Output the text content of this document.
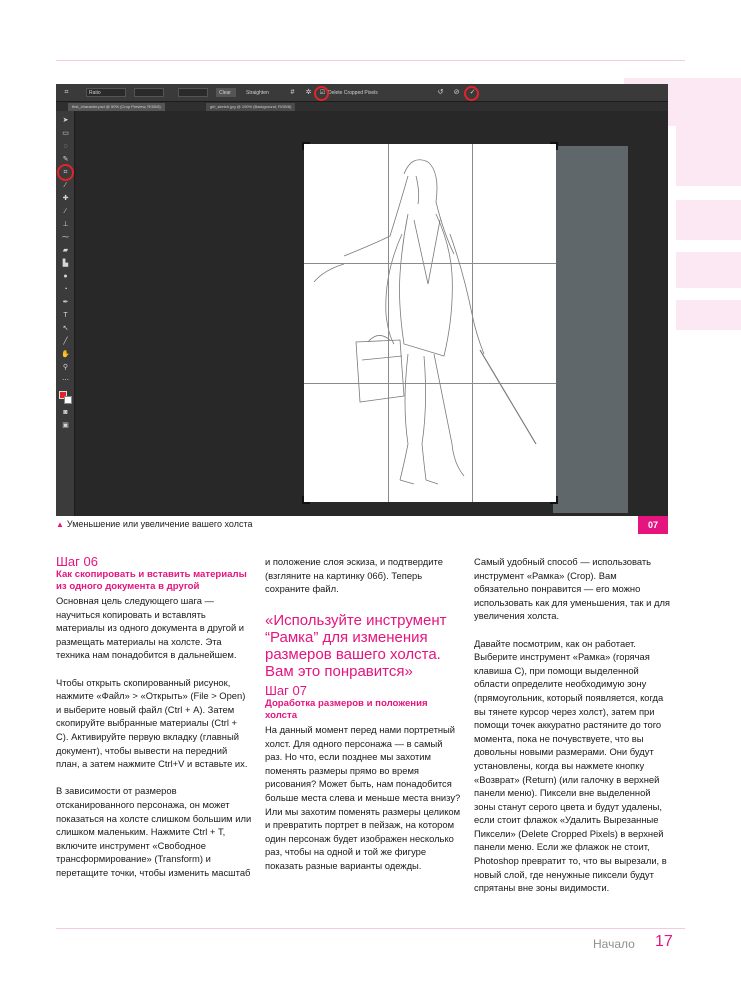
⌗	Ratio	Clear	Straighten	#	✲ ☑ Delete Cropped Pixels	↺ ⊘ ✓
first_character.psd @ 50% (Crop Preview, RGB/8)	girl_sketch.jpg @ 100% (Background, RGB/8)
➤
▭
◌
✎
⌗
⁄
✚
∕
⊥
⁓
▰
▙
●
◔
✒
T
↖
╱
✋
⚲
⋯
◙
▣
▲ Уменьшение или увеличение вашего холста	07
Шаг 06
Как скопировать и вставить материалы из одного документа в другой

Основная цель следующего шага — научиться копировать и вставлять материалы из одного документа в другой и размещать материалы на холсте. Эта техника нам понадобится в дальнейшем.

Чтобы открыть скопированный рисунок, нажмите «Файл» > «Открыть» (File > Open) и выберите новый файл (Ctrl + А). Затем скопируйте выбранные материалы (Ctrl + С). Активируйте первую вкладку (главный документ), чтобы вывести на передний план, а затем нажмите Ctrl+V и вставьте их.

В зависимости от размеров отсканированного персонажа, он может показаться на холсте слишком большим или слишком маленьким. Нажмите Ctrl + Т, включите инструмент «Свободное трансформирование» (Transform) и перетащите точки, чтобы изменить масштаб

и положение слоя эскиза, и подтвердите (взгляните на картинку 06б). Теперь сохраните файл.

«Используйте инструмент “Рамка” для изменения размеров вашего холста. Вам это понравится»
Шаг 07
Доработка размеров и положения холста

На данный момент перед нами портретный холст. Для одного персонажа — в самый раз. Но что, если позднее мы захотим поменять размеры прямо во время рисования? Может быть, нам понадобится больше места слева и меньше места внизу? Или мы захотим поменять размеры целиком и превратить портрет в пейзаж, на котором один персонаж будет изображен несколько раз, чтобы на одной и той же фигуре показать разные варианты одежды.

Самый удобный способ — использовать инструмент «Рамка» (Crop). Вам обязательно понравится — его можно использовать как для уменьшения, так и для увеличения холста.

Давайте посмотрим, как он работает. Выберите инструмент «Рамка» (горячая клавиша С), при помощи выделенной области определите необходимую зону (прямоугольник, который появляется, когда вы тянете курсор через холст), затем при помощи точек аккуратно растяните до того момента, пока не почувствуете, что вы довольны новыми размерами. Они будут установлены, когда вы нажмете кнопку «Возврат» (Return) (или галочку в верхней панели меню). Пиксели вне выделенной зоны станут серого цвета и будут удалены, если стоит флажок «Удалить Вырезанные Пиксели» (Delete Cropped Pixels) в верхней панели меню. Если же флажок не стоит, Photoshop превратит то, что вы вырезали, в новый слой, где ненужные пиксели будут спрятаны вне зоны видимости.

Начало 17
